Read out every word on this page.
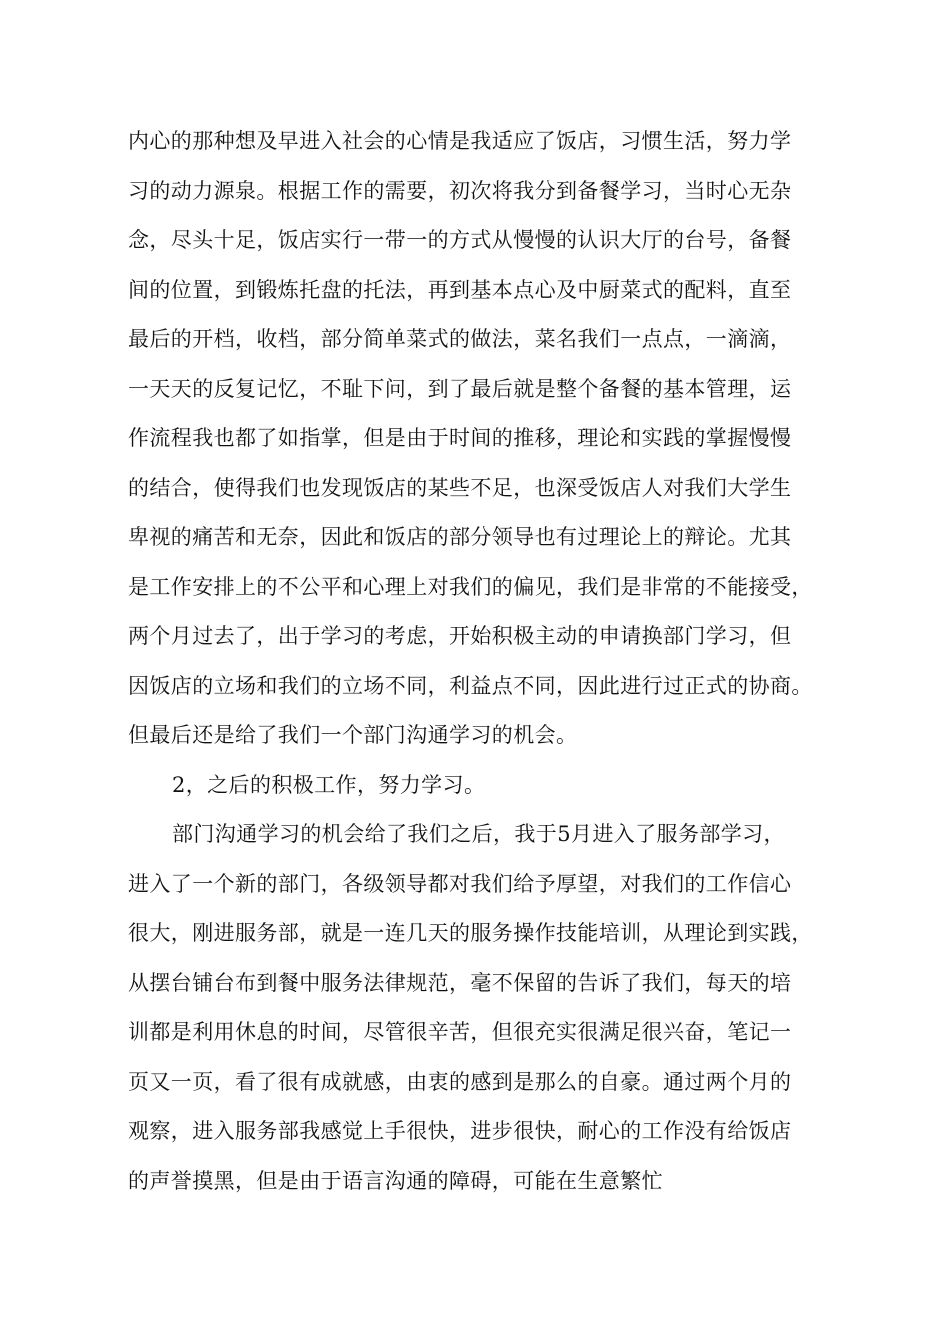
内心的那种想及早进入社会的心情是我适应了饭店，习惯生活，努力学
习的动力源泉。根据工作的需要，初次将我分到备餐学习，当时心无杂
念，尽头十足，饭店实行一带一的方式从慢慢的认识大厅的台号，备餐
间的位置，到锻炼托盘的托法，再到基本点心及中厨菜式的配料，直至
最后的开档，收档，部分简单菜式的做法，菜名我们一点点，一滴滴，
一天天的反复记忆，不耻下问，到了最后就是整个备餐的基本管理，运
作流程我也都了如指掌，但是由于时间的推移，理论和实践的掌握慢慢
的结合，使得我们也发现饭店的某些不足，也深受饭店人对我们大学生
卑视的痛苦和无奈，因此和饭店的部分领导也有过理论上的辩论。尤其
是工作安排上的不公平和心理上对我们的偏见，我们是非常的不能接受，
两个月过去了，出于学习的考虑，开始积极主动的申请换部门学习，但
因饭店的立场和我们的立场不同，利益点不同，因此进行过正式的协商。
但最后还是给了我们一个部门沟通学习的机会。
2，之后的积极工作，努力学习。
部门沟通学习的机会给了我们之后，我于5月进入了服务部学习，
进入了一个新的部门，各级领导都对我们给予厚望，对我们的工作信心
很大，刚进服务部，就是一连几天的服务操作技能培训，从理论到实践，
从摆台铺台布到餐中服务法律规范，毫不保留的告诉了我们，每天的培
训都是利用休息的时间，尽管很辛苦，但很充实很满足很兴奋，笔记一
页又一页，看了很有成就感，由衷的感到是那么的自豪。通过两个月的
观察，进入服务部我感觉上手很快，进步很快，耐心的工作没有给饭店
的声誉摸黑，但是由于语言沟通的障碍，可能在生意繁忙
